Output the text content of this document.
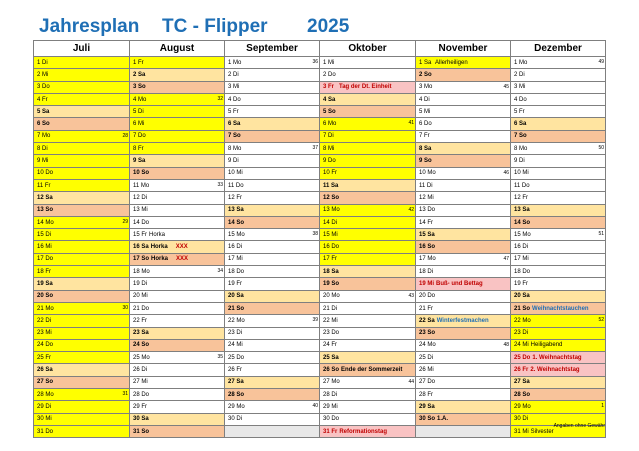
Jahresplan TC - Flipper 2025
Juli	August	September	Oktober	November	Dezember

1 Di	1 Fr	1 Mo 36	1 Mi	1 Sa Allerheiligen	1 Mo 49

2 Mi	2 Sa	2 Di	2 Do	2 So	2 Di

3 Do	3 So	3 Mi	3 Fr Tag der Dt. Einheit	3 Mo 45	3 Mi

4 Fr	4 Mo 32	4 Do	4 Sa	4 Di	4 Do

5 Sa	5 Di	5 Fr	5 So	5 Mi	5 Fr

6 So	6 Mi	6 Sa	6 Mo 41	6 Do	6 Sa

7 Mo 28	7 Do	7 So	7 Di	7 Fr	7 So

8 Di	8 Fr	8 Mo 37	8 Mi	8 Sa	8 Mo 50

9 Mi	9 Sa	9 Di	9 Do	9 So	9 Di

10 Do	10 So	10 Mi	10 Fr	10 Mo 46	10 Mi

11 Fr	11 Mo 33	11 Do	11 Sa	11 Di	11 Do

12 Sa	12 Di	12 Fr	12 So	12 Mi	12 Fr

13 So	13 Mi	13 Sa	13 Mo 42	13 Do	13 Sa

14 Mo 29	14 Do	14 So	14 Di	14 Fr	14 So

15 Di	15 Fr Horka	15 Mo 38	15 Mi	15 Sa	15 Mo 51

16 Mi	16 Sa Horka XXX	16 Di	16 Do	16 So	16 Di

17 Do	17 So Horka XXX	17 Mi	17 Fr	17 Mo 47	17 Mi

18 Fr	18 Mo 34	18 Do	18 Sa	18 Di	18 Do

19 Sa	19 Di	19 Fr	19 So	19 Mi Buß- und Bettag	19 Fr

20 So	20 Mi	20 Sa	20 Mo 43	20 Do	20 Sa

21 Mo 30	21 Do	21 So	21 Di	21 Fr	21 So Weihnachtstauchen

22 Di	22 Fr	22 Mo 39	22 Mi	22 Sa Winterfestmachen	22 Mo 52

23 Mi	23 Sa	23 Di	23 Do	23 So	23 Di

24 Do	24 So	24 Mi	24 Fr	24 Mo 48	24 Mi Heiligabend

25 Fr	25 Mo 35	25 Do	25 Sa	25 Di	25 Do 1. Weihnachtstag

26 Sa	26 Di	26 Fr	26 So Ende der Sommerzeit	26 Mi	26 Fr 2. Weihnachtstag

27 So	27 Mi	27 Sa	27 Mo 44	27 Do	27 Sa

28 Mo 31	28 Do	28 So	28 Di	28 Fr	28 So

29 Di	29 Fr	29 Mo 40	29 Mi	29 Sa	29 Mo 1

30 Mi	30 Sa	30 Di	30 Do	30 So 1.A.	30 Di

31 Do	31 So		31 Fr Reformationstag		31 Mi Silvester
Angaben ohne Gewähr
